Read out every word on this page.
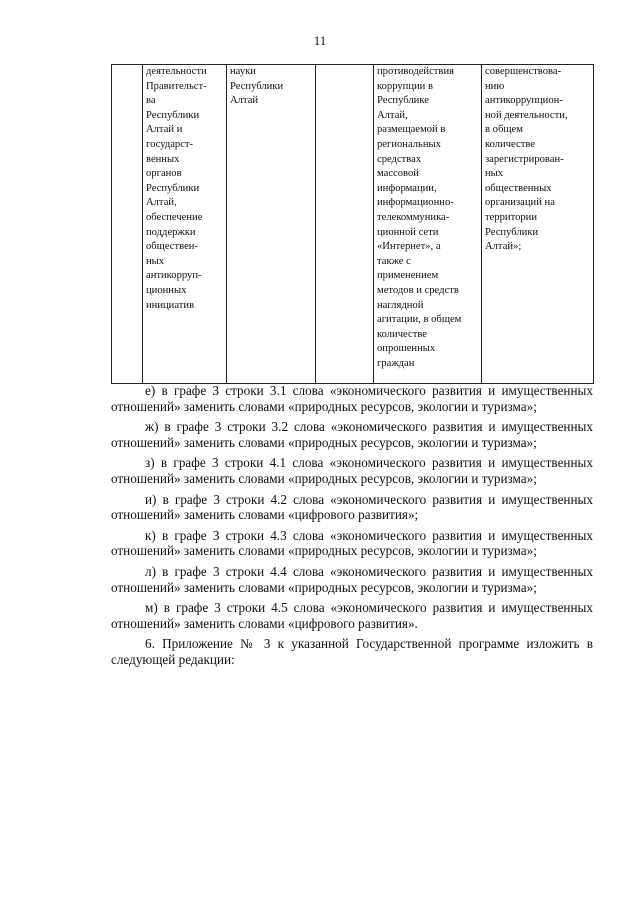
11
	деятельности
Правительст-
ва
Республики
Алтай и
государст-
венных
органов
Республики
Алтай,
обеспечение
поддержки
обществен-
ных
антикорруп-
ционных
инициатив	науки
Республики
Алтай		противодействия
коррупции в
Республике
Алтай,
размещаемой в
региональных
средствах
массовой
информации,
информационно-
телекоммуника-
ционной сети
«Интернет», а
также с
применением
методов и средств
наглядной
агитации, в общем
количестве
опрошенных
граждан	совершенствова-
нию
антикоррупцион-
ной деятельности,
в общем
количестве
зарегистрирован-
ных
общественных
организаций на
территории
Республики
Алтай»;

е) в графе 3 строки 3.1 слова «экономического развития и имущественных отношений» заменить словами «природных ресурсов, экологии и туризма»;

ж) в графе 3 строки 3.2 слова «экономического развития и имущественных отношений» заменить словами «природных ресурсов, экологии и туризма»;

з) в графе 3 строки 4.1 слова «экономического развития и имущественных отношений» заменить словами «природных ресурсов, экологии и туризма»;

и) в графе 3 строки 4.2 слова «экономического развития и имущественных отношений» заменить словами «цифрового развития»;

к) в графе 3 строки 4.3 слова «экономического развития и имущественных отношений» заменить словами «природных ресурсов, экологии и туризма»;

л) в графе 3 строки 4.4 слова «экономического развития и имущественных отношений» заменить словами «природных ресурсов, экологии и туризма»;

м) в графе 3 строки 4.5 слова «экономического развития и имущественных отношений» заменить словами «цифрового развития».

6. Приложение № 3 к указанной Государственной программе изложить в следующей редакции:
